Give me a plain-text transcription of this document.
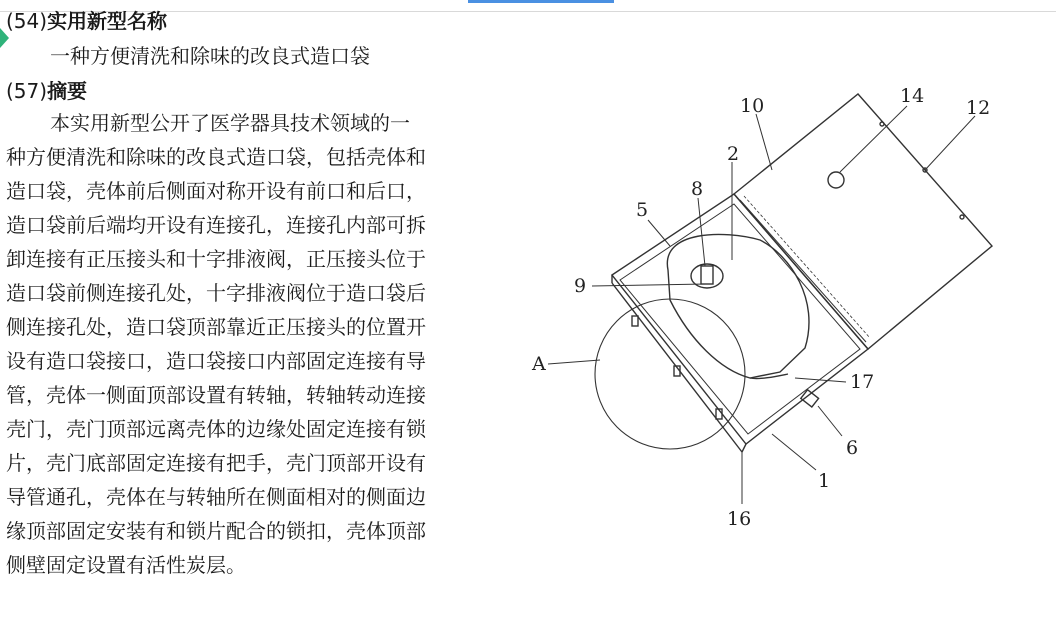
(54)实用新型名称

一种方便清洗和除味的改良式造口袋

(57)摘要

本实用新型公开了医学器具技术领域的一
种方便清洗和除味的改良式造口袋，包括壳体和
造口袋，壳体前后侧面对称开设有前口和后口，
造口袋前后端均开设有连接孔，连接孔内部可拆
卸连接有正压接头和十字排液阀，正压接头位于
造口袋前侧连接孔处，十字排液阀位于造口袋后
侧连接孔处，造口袋顶部靠近正压接头的位置开
设有造口袋接口，造口袋接口内部固定连接有导
管，壳体一侧面顶部设置有转轴，转轴转动连接
壳门，壳门顶部远离壳体的边缘处固定连接有锁
片，壳门底部固定连接有把手，壳门顶部开设有
导管通孔，壳体在与转轴所在侧面相对的侧面边
缘顶部固定安装有和锁片配合的锁扣，壳体顶部
侧壁固定设置有活性炭层。

10	14
12
2
8
5
9
A
17
6
1
16
